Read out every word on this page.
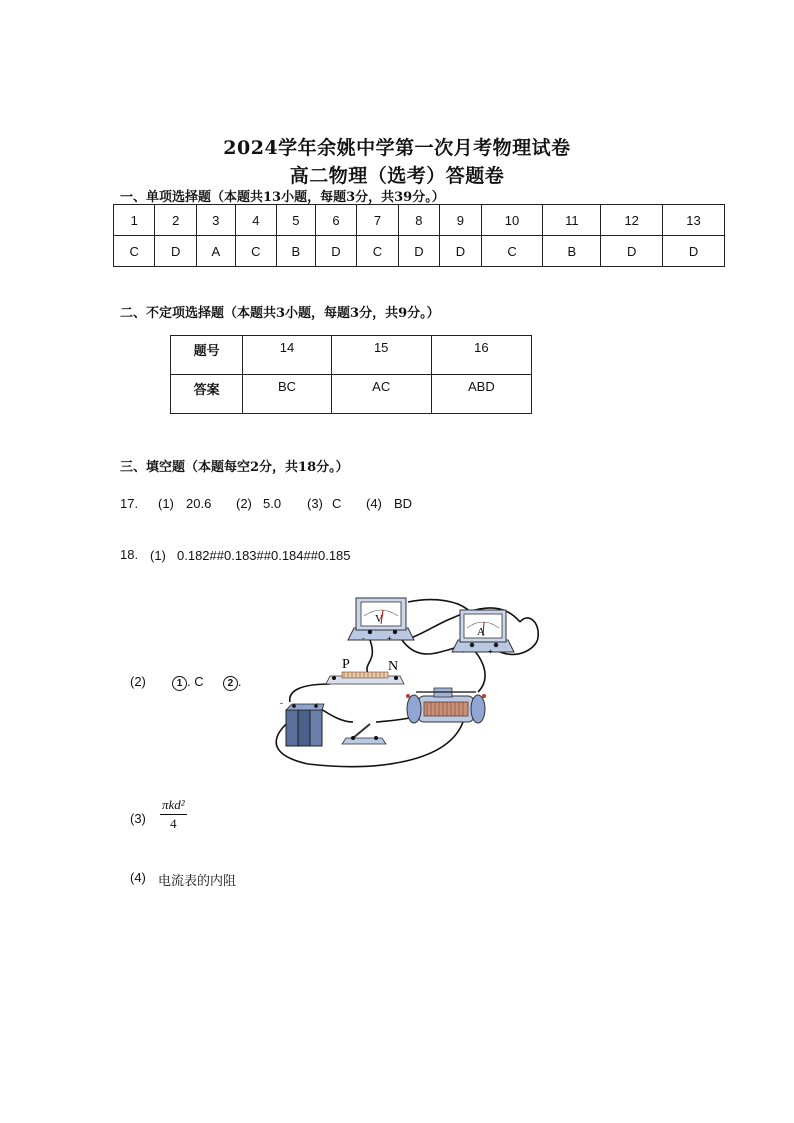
2024学年余姚中学第一次月考物理试卷
高二物理（选考）答题卷
一、单项选择题（本题共13小题，每题3分，共39分。）
1	2	3	4	5	6	7	8	9	10	11	12	13
C	D	A	C	B	D	C	D	D	C	B	D	D
二、不定项选择题（本题共3小题，每题3分，共9分。）
题号	14	15	16
答案	BC	AC	ABD
三、填空题（本题每空2分，共18分。）
17. (1) 20.6 (2) 5.0 (3) C (4) BD
18. (1) 0.182##0.183##0.184##0.185
(2)	1 . C 2 .
$(3) \frac{\text{πkd²}}{4}$
(4) 电流表的内阻
V
-	+
A
-	+
P	N
-
